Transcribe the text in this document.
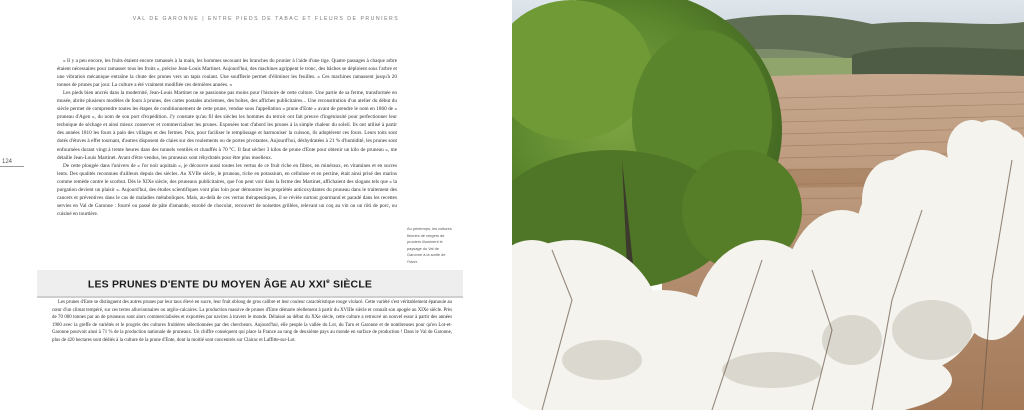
VAL DE GARONNE | ENTRE PIEDS DE TABAC ET FLEURS DE PRUNIERS
124

« Il y a peu encore, les fruits étaient encore ramassés à la main, les hommes secouant les branches du prunier à l'aide d'une tige. Quatre passages à chaque arbre étaient nécessaires pour ramasser tous les fruits », précise Jean-Louis Martinet. Aujourd'hui, des machines agrippent le tronc, des bâches se déploient sous l'arbre et une vibration mécanique entraîne la chute des prunes vers un tapis roulant. Une soufflerie permet d'éliminer les feuilles. « Ces machines ramassent jusqu'à 20 tonnes de prunes par jour. La culture a été vraiment modifiée ces dernières années. »

Les pieds bien ancrés dans la modernité, Jean-Louis Martinet ne se passionne pas moins pour l'histoire de cette culture. Une partie de sa ferme, transformée en musée, abrite plusieurs modèles de fours à prunes, des cartes postales anciennes, des boîtes, des affiches publicitaires... Une reconstitution d'un atelier du début du siècle permet de comprendre toutes les étapes de conditionnement de cette prune, vendue sous l'appellation « prune d'Ente » avant de prendre le nom en 1860 de « pruneau d'Agen », du nom de son port d'expédition. J'y constate qu'au fil des siècles les hommes du terroir ont fait preuve d'ingéniosité pour perfectionner leur technique de séchage et ainsi mieux conserver et commercialiser les prunes. Exposées tout d'abord les prunes à la simple chaleur du soleil. Ils ont utilisé à partir des années 1810 les fours à pain des villages et des fermes. Puis, pour faciliser le remplissage et harmoniser la cuisson, ils adoptèrent ces fours. Leurs toits sont dotés d'étuves à effet tournant, d'autres disposent de claies sur des roulements ou de portes pivotantes. Aujourd'hui, déshydratées à 21 % d'humidité, les prunes sont enfournées durant vingt à trente heures dans des tunnels ventilés et chauffés à 70 °C. Il faut sécher 3 kilos de prune d'Ente pour obtenir un kilo de pruneau », me détaille Jean-Louis Martinet. Avant d'être vendus, les pruneaux sont réhydratés pour être plus moelleux.

De cette plongée dans l'univers de « l'or noir aquitain », je découvre aussi toutes les vertus de ce fruit riche en fibres, en minéraux, en vitamines et en sucres lents. Des qualités reconnues d'ailleurs depuis des siècles. Au XVIIe siècle, le pruneau, riche en potassium, en cellulose et en pectine, était ainsi prisé des marins comme remède contre le scorbut. Dès le XIXe siècle, des pruneaux publicitaires, que l'on peut voir dans la ferme des Martinet, affichaient des slogans tels que « la purgation devient un plaisir ». Aujourd'hui, des études scientifiques vont plus loin pour démontrer les propriétés anticoxydantes du pruneau dans le traitement des cancers et préventives dans le cas de maladies métaboliques. Mais, au-delà de ces vertus thérapeutiques, il se révèle surtout gourmand et paradé dans les recettes servies en Val de Garonne : fourré ou passé de pâte d'amande, enrobé de chocolat, recouvert de noisettes grillées, relevant un coq au vin ou un rôti de porc, ou cuisiné en tourtière.

Au printemps, les cultures fleuries de vergers de pruniers illuminent le paysage du Val de Garonne à la sortie de l'hiver.
LES PRUNES D'ENTE DU MOYEN ÂGE AU XXIe SIÈCLE

Les prunes d'Ente se distinguent des autres prunes par leur taux élevé en sucre, leur fruit oblong de gros calibre et leur couleur caractéristique rouge violacé. Cette variété s'est véritablement épanouie au cœur d'un climat tempéré, sur ces terres alluvionnaires ou argilo-calcaires. La production massive de prunes d'Ente démarre réellement à partir du XVIIIe siècle et connaît son apogée au XIXe siècle. Près de 70 000 tonnes par an de pruneaux sont alors commercialisées et exportées par navires à travers le monde. Délaissé au début du XXe siècle, cette culture a retrouvé un nouvel essor à partir des années 1960 avec la greffe de variétés et le progrès des cultures fruitières sélectionnées par des chercheurs. Aujourd'hui, elle peuple la vallée du Lot, du Tarn et Garonne et de nombreuses pour qu'en Lot-et-Garonne pourvoit ainsi à 71 % de la production nationale de pruneaux. Un chiffre conséquent qui place la France au rang de deuxième pays au monde en surface de production ! Dans le Val de Garonne, plus de 420 hectares sont dédiés à la culture de la prune d'Ente, dont la moitié sont concentrés sur Clairac et Laffitte-sur-Lot.
